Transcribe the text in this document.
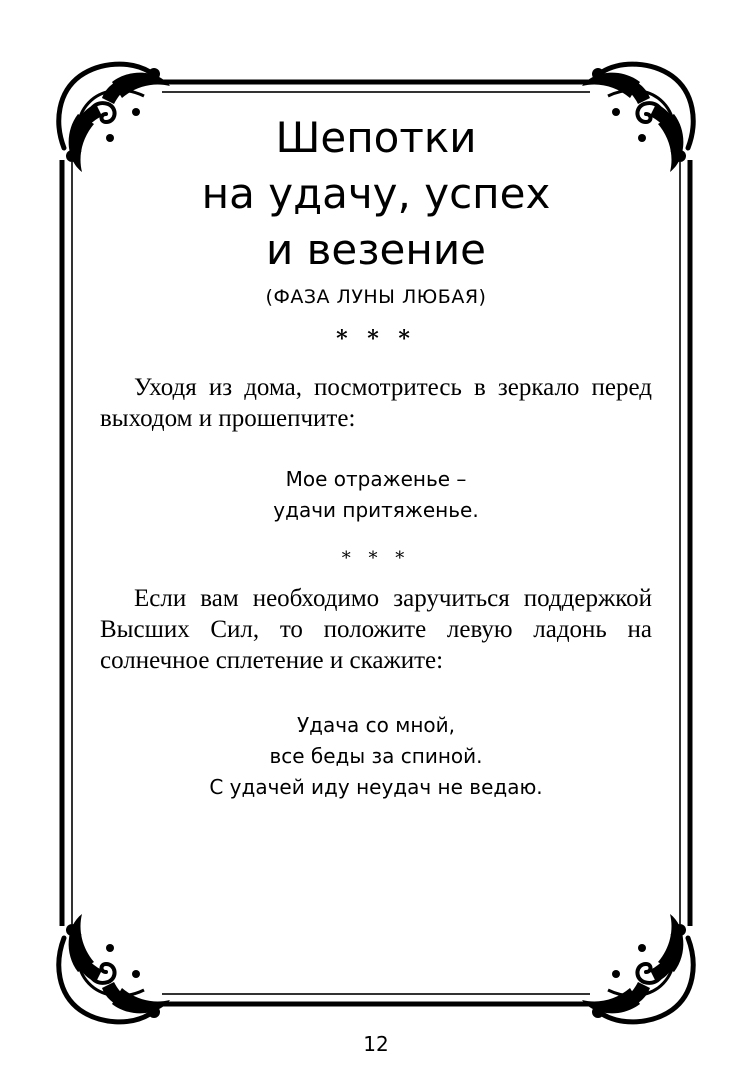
Шепотки
на удачу, успех
и везение
(ФАЗА ЛУНЫ ЛЮБАЯ)
* * *

Уходя из дома, посмотритесь в зеркало перед выходом и прошепчите:

Мое отраженье –
удачи притяженье.
* * *

Если вам необходимо заручиться поддержкой Высших Сил, то положите левую ладонь на солнечное сплетение и скажите:

Удача со мной,
все беды за спиной.
С удачей иду неудач не ведаю.
12
